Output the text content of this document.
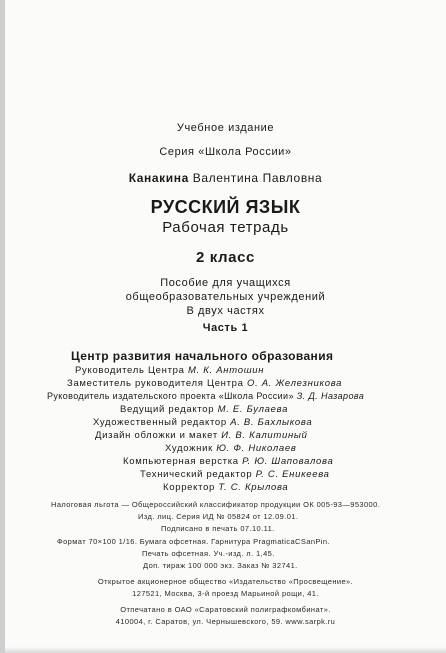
Учебное издание
Серия «Школа России»
Канакина Валентина Павловна
РУССКИЙ ЯЗЫК
Рабочая тетрадь
2 класс
Пособие для учащихся
общеобразовательных учреждений
В двух частях
Часть 1
Центр развития начального образования
Руководитель Центра М. К. Антошин
Заместитель руководителя Центра О. А. Железникова
Руководитель издательского проекта «Школа России» З. Д. Назарова
Ведущий редактор М. Е. Булаева
Художественный редактор А. В. Бахлыкова
Дизайн обложки и макет И. В. Калитиный
Художник Ю. Ф. Николаев
Компьютерная верстка Р. Ю. Шаповалова
Технический редактор Р. С. Еникеева
Корректор Т. С. Крылова
Налоговая льгота — Общероссийский классификатор продукции ОК 005-93—953000.
Изд. лиц. Серия ИД № 05824 от 12.09.01.
Подписано в печать 07.10.11.
Формат 70×100 1/16. Бумага офсетная. Гарнитура PragmaticaCSanPin.
Печать офсетная. Уч.-изд. л. 1,45.
Доп. тираж 100 000 экз. Заказ № 32741.
Открытое акционерное общество «Издательство «Просвещение».
127521, Москва, 3-й проезд Марьиной рощи, 41.
Отпечатано в ОАО «Саратовский полиграфкомбинат».
410004, г. Саратов, ул. Чернышевского, 59. www.sarpk.ru
